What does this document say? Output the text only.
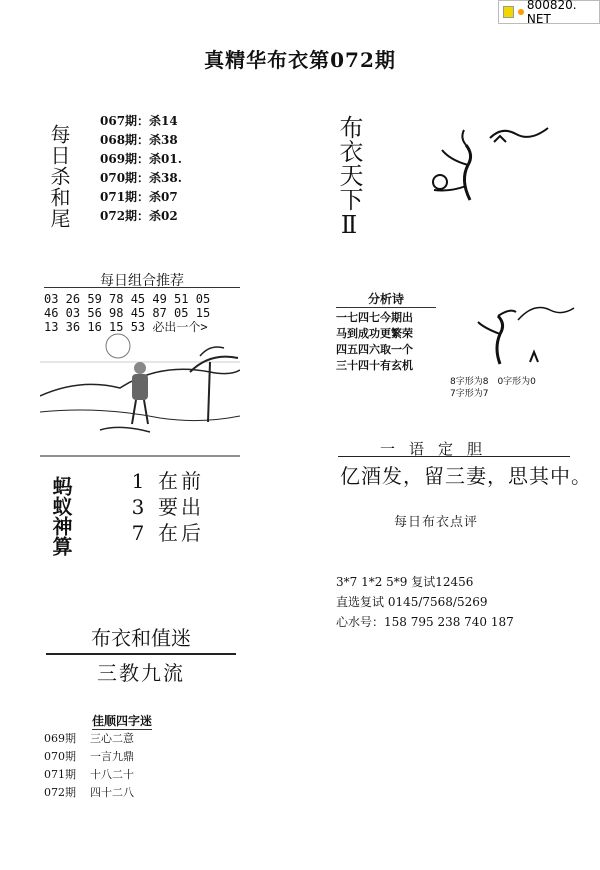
800820. NET
真精华布衣第072期
每日杀和尾
067期：杀14
068期：杀38
069期：杀01.
070期：杀38.
071期：杀07
072期：杀02	布衣天下Ⅱ
每日组合推荐
03 26 59 78 45 49 51 05
46 03 56 98 45 87 05 15
13 36 16 15 53 必出一个>
分析诗
一七四七今期出
马到成功更繁荣
四五四六取一个
三十四十有玄机
8字形为8　0字形为0
7字形为7
蚂蚁神算	1 在前
3 要出
7 在后
一语定胆
亿酒发，留三妻，思其中。
每日布衣点评
3*7 1*2 5*9 复试12456
直选复试 0145/7568/5269
心水号：158 795 238 740 187
布衣和值迷
三教九流
佳顺四字迷
069期 三心二意
070期 一言九鼎
071期 十八二十
072期 四十二八
